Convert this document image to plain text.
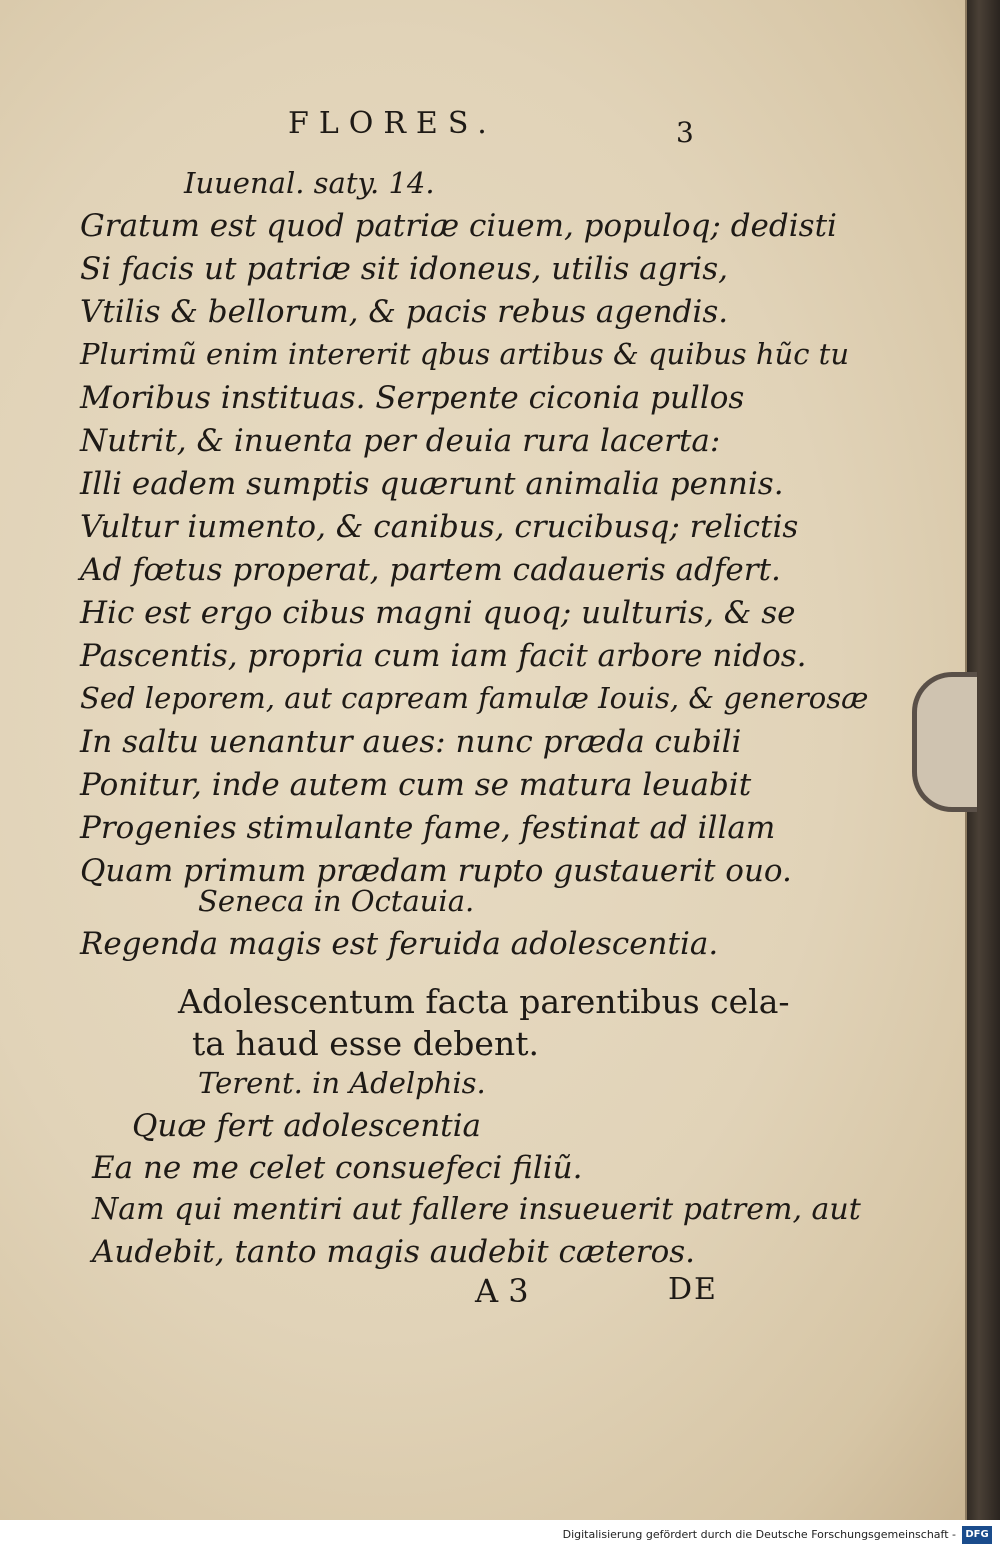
FLORES.	3
Iuuenal. saty. 14.
Gratum est quod patriæ ciuem, populoq; dedisti
Si facis ut patriæ sit idoneus, utilis agris,
Vtilis & bellorum, & pacis rebus agendis.
Plurimũ enim intererit qbus artibus & quibus hũc tu
Moribus instituas. Serpente ciconia pullos
Nutrit, & inuenta per deuia rura lacerta:
Illi eadem sumptis quærunt animalia pennis.
Vultur iumento, & canibus, crucibusq; relictis
Ad fœtus properat, partem cadaueris adfert.
Hic est ergo cibus magni quoq; uulturis, & se
Pascentis, propria cum iam facit arbore nidos.
Sed leporem, aut capream famulæ Iouis, & generosæ
In saltu uenantur aues: nunc præda cubili
Ponitur, inde autem cum se matura leuabit
Progenies stimulante fame, festinat ad illam
Quam primum prædam rupto gustauerit ouo.
Seneca in Octauia.
Regenda magis est feruida adolescentia.
Adolescentum facta parentibus cela-
ta haud esse debent.
Terent. in Adelphis.
Quæ fert adolescentia
Ea ne me celet consuefeci filiũ.
Nam qui mentiri aut fallere insueuerit patrem, aut
Audebit, tanto magis audebit cæteros.
A 3	DE
Digitalisierung gefördert durch die Deutsche Forschungsgemeinschaft - DFG
